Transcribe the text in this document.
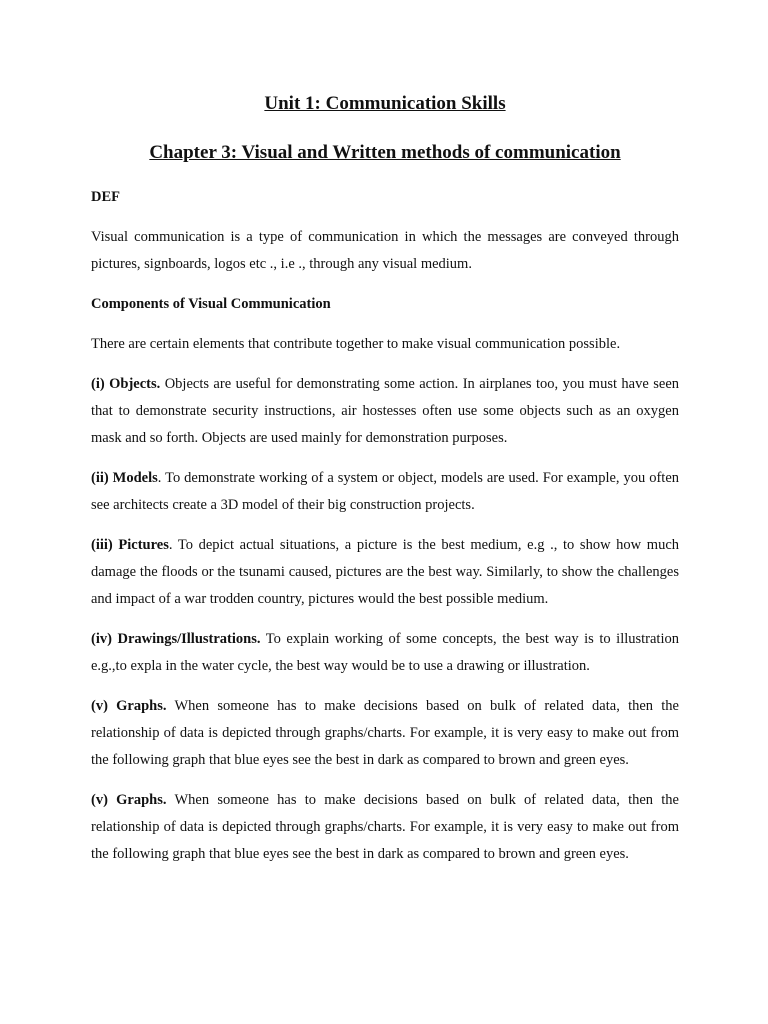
Unit 1: Communication Skills
Chapter 3: Visual and Written methods of communication

DEF

Visual communication is a type of communication in which the messages are conveyed through pictures, signboards, logos etc ., i.e ., through any visual medium.

Components of Visual Communication

There are certain elements that contribute together to make visual communication possible.

(i) Objects. Objects are useful for demonstrating some action. In airplanes too, you must have seen that to demonstrate security instructions, air hostesses often use some objects such as an oxygen mask and so forth. Objects are used mainly for demonstration purposes.

(ii) Models. To demonstrate working of a system or object, models are used. For example, you often see architects create a 3D model of their big construction projects.

(iii) Pictures. To depict actual situations, a picture is the best medium, e.g ., to show how much damage the floods or the tsunami caused, pictures are the best way. Similarly, to show the challenges and impact of a war trodden country, pictures would the best possible medium.

(iv) Drawings/Illustrations. To explain working of some concepts, the best way is to illustration e.g.,to expla in the water cycle, the best way would be to use a drawing or illustration.

(v) Graphs. When someone has to make decisions based on bulk of related data, then the relationship of data is depicted through graphs/charts. For example, it is very easy to make out from the following graph that blue eyes see the best in dark as compared to brown and green eyes.

(v) Graphs. When someone has to make decisions based on bulk of related data, then the relationship of data is depicted through graphs/charts. For example, it is very easy to make out from the following graph that blue eyes see the best in dark as compared to brown and green eyes.
